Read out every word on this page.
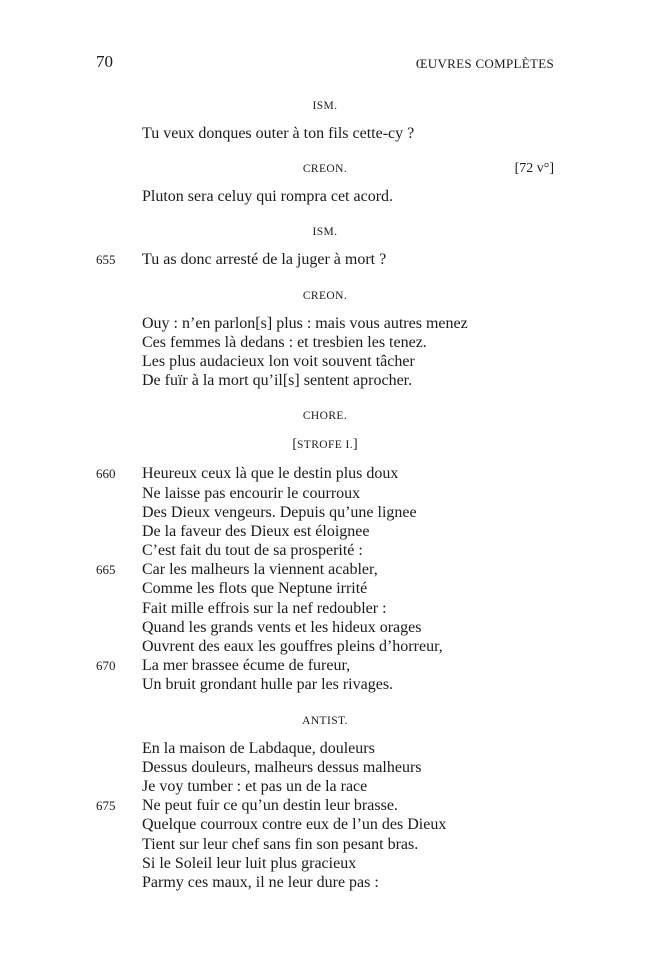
70	ŒUVRES COMPLÈTES
ISM.
Tu veux donques outer à ton fils cette-cy ?
CREON.	[72 v°]
Pluton sera celuy qui rompra cet acord.
ISM.
655 Tu as donc arresté de la juger à mort ?
CREON.
Ouy : n’en parlon[s] plus : mais vous autres menez
Ces femmes là dedans : et tresbien les tenez.
Les plus audacieux lon voit souvent tâcher
De fuïr à la mort qu’il[s] sentent aprocher.
CHORE.
[STROFE I.]
660 Heureux ceux là que le destin plus doux
Ne laisse pas encourir le courroux
Des Dieux vengeurs. Depuis qu’une lignee
De la faveur des Dieux est éloignee
C’est fait du tout de sa prosperité :
665 Car les malheurs la viennent acabler,
Comme les flots que Neptune irrité
Fait mille effrois sur la nef redoubler :
Quand les grands vents et les hideux orages
Ouvrent des eaux les gouffres pleins d’horreur,
670 La mer brassee écume de fureur,
Un bruit grondant hulle par les rivages.
ANTIST.
En la maison de Labdaque, douleurs
Dessus douleurs, malheurs dessus malheurs
Je voy tumber : et pas un de la race
675 Ne peut fuir ce qu’un destin leur brasse.
Quelque courroux contre eux de l’un des Dieux
Tient sur leur chef sans fin son pesant bras.
Si le Soleil leur luit plus gracieux
Parmy ces maux, il ne leur dure pas :
